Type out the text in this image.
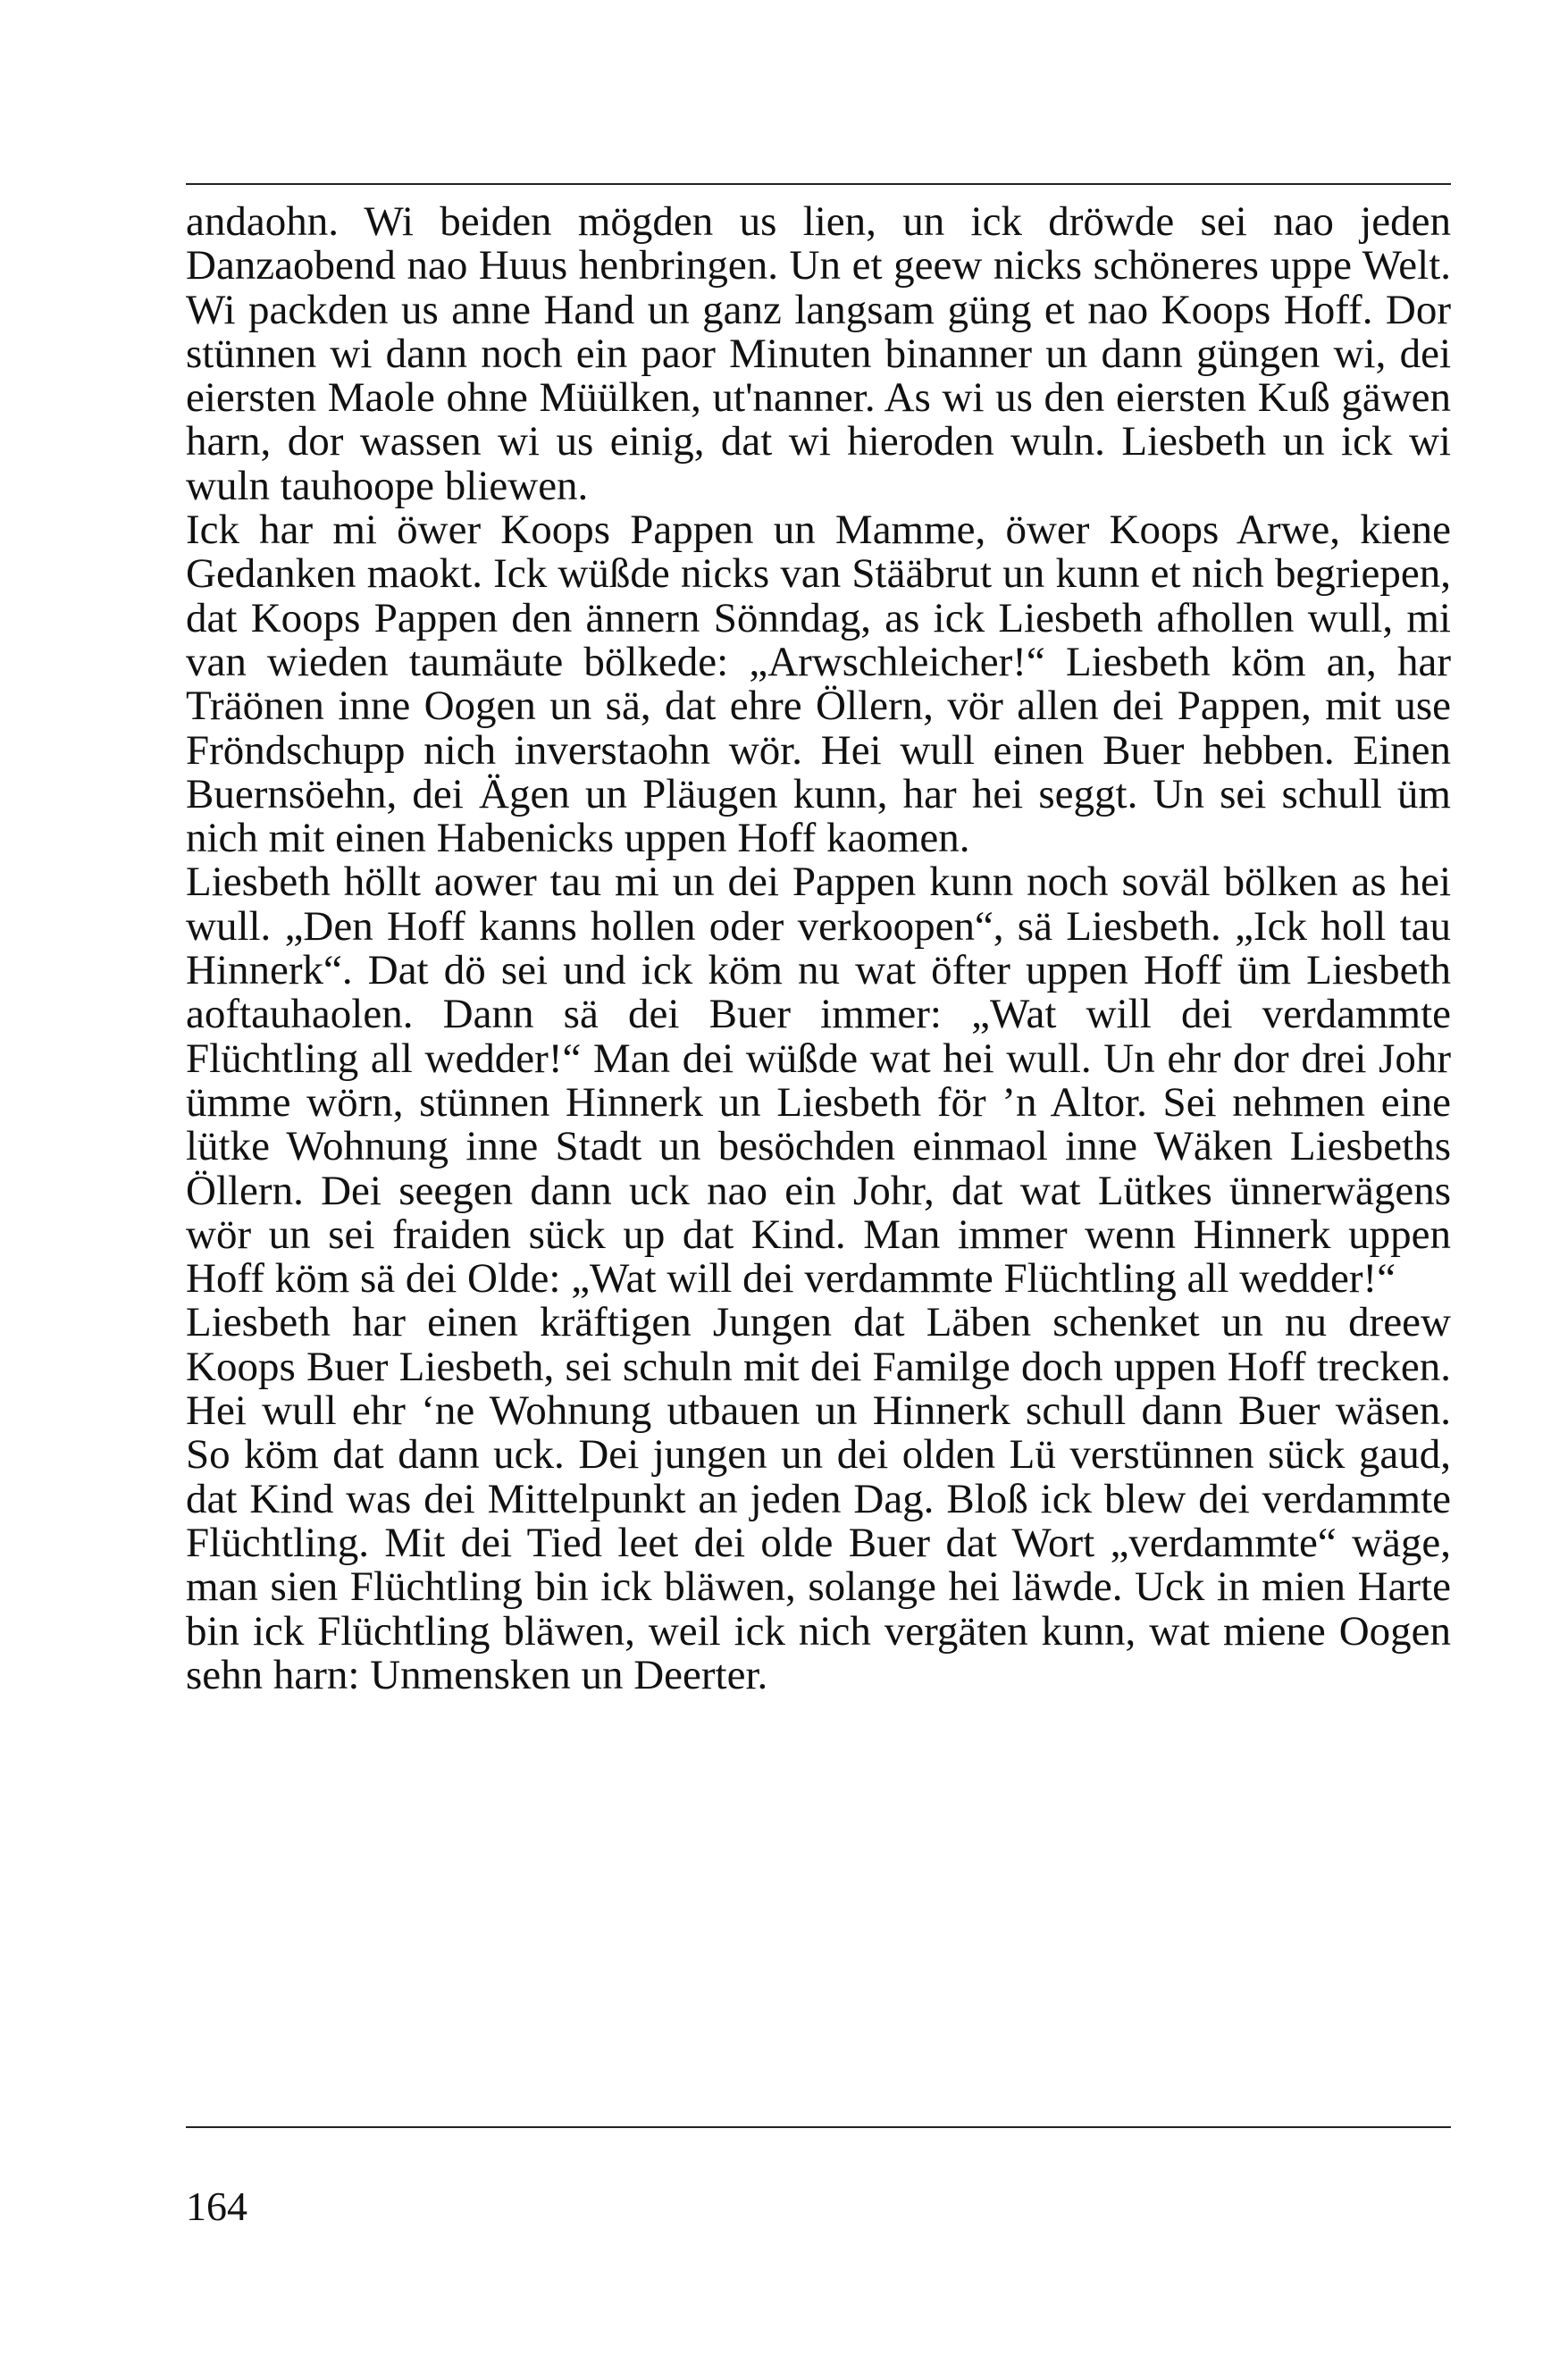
andaohn. Wi beiden mögden us lien, un ick dröwde sei nao jeden Danzaobend nao Huus henbringen. Un et geew nicks schöneres uppe Welt. Wi packden us anne Hand un ganz langsam güng et nao Koops Hoff. Dor stünnen wi dann noch ein paor Minuten binanner un dann güngen wi, dei eiersten Maole ohne Müülken, ut'nanner. As wi us den eiersten Kuß gäwen harn, dor wassen wi us einig, dat wi hieroden wuln. Liesbeth un ick wi wuln tauhoope bliewen.

Ick har mi öwer Koops Pappen un Mamme, öwer Koops Arwe, kiene Gedanken maokt. Ick wüßde nicks van Stääbrut un kunn et nich begriepen, dat Koops Pappen den ännern Sönndag, as ick Liesbeth afhollen wull, mi van wieden taumäute bölkede: „Arwschleicher!“ Liesbeth köm an, har Träönen inne Oogen un sä, dat ehre Öllern, vör allen dei Pappen, mit use Fröndschupp nich inverstaohn wör. Hei wull einen Buer hebben. Einen Buernsöehn, dei Ägen un Pläugen kunn, har hei seggt. Un sei schull üm nich mit einen Habenicks uppen Hoff kaomen.

Liesbeth höllt aower tau mi un dei Pappen kunn noch soväl bölken as hei wull. „Den Hoff kanns hollen oder verkoopen“, sä Liesbeth. „Ick holl tau Hinnerk“. Dat dö sei und ick köm nu wat öfter uppen Hoff üm Liesbeth aoftauhaolen. Dann sä dei Buer immer: „Wat will dei verdammte Flüchtling all wedder!“ Man dei wüßde wat hei wull. Un ehr dor drei Johr ümme wörn, stünnen Hinnerk un Liesbeth för ’n Altor. Sei nehmen eine lütke Wohnung inne Stadt un besöchden einmaol inne Wäken Liesbeths Öllern. Dei seegen dann uck nao ein Johr, dat wat Lütkes ünnerwägens wör un sei fraiden sück up dat Kind. Man immer wenn Hinnerk uppen Hoff köm sä dei Olde: „Wat will dei verdammte Flüchtling all wedder!“

Liesbeth har einen kräftigen Jungen dat Läben schenket un nu dreew Koops Buer Liesbeth, sei schuln mit dei Familge doch uppen Hoff trecken. Hei wull ehr ‘ne Wohnung utbauen un Hinnerk schull dann Buer wäsen. So köm dat dann uck. Dei jungen un dei olden Lü verstünnen sück gaud, dat Kind was dei Mittelpunkt an jeden Dag. Bloß ick blew dei verdammte Flüchtling. Mit dei Tied leet dei olde Buer dat Wort „verdammte“ wäge, man sien Flüchtling bin ick bläwen, solange hei läwde. Uck in mien Harte bin ick Flüchtling bläwen, weil ick nich vergäten kunn, wat miene Oogen sehn harn: Unmensken un Deerter.

164
